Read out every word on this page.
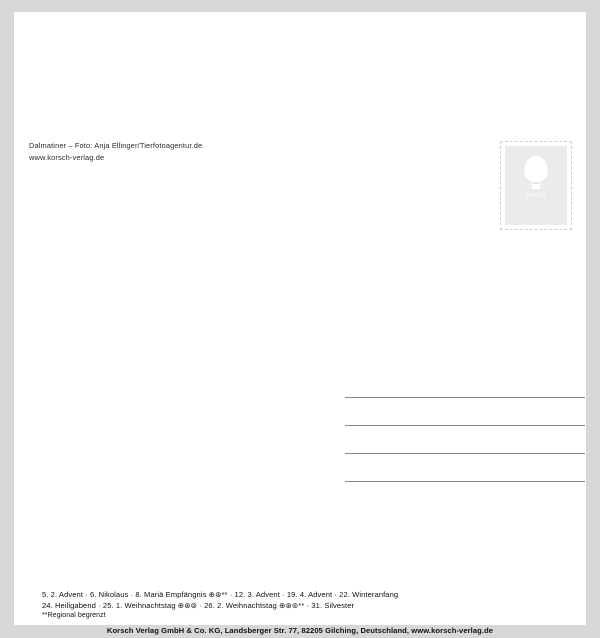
Dalmatiner – Foto: Anja Ellinger/Tierfotoagentur.de
www.korsch-verlag.de
PORTO
5. 2. Advent · 6. Nikolaus · 8. Mariä Empfängnis ⊕⊛** · 12. 3. Advent · 19. 4. Advent · 22. Winteranfang
24. Heiligabend · 25. 1. Weihnachtstag ⊕⊛⊚ · 26. 2. Weihnachtstag ⊕⊛⊚** · 31. Silvester
**Regional begrenzt
Korsch Verlag GmbH & Co. KG, Landsberger Str. 77, 82205 Gilching, Deutschland, www.korsch-verlag.de
